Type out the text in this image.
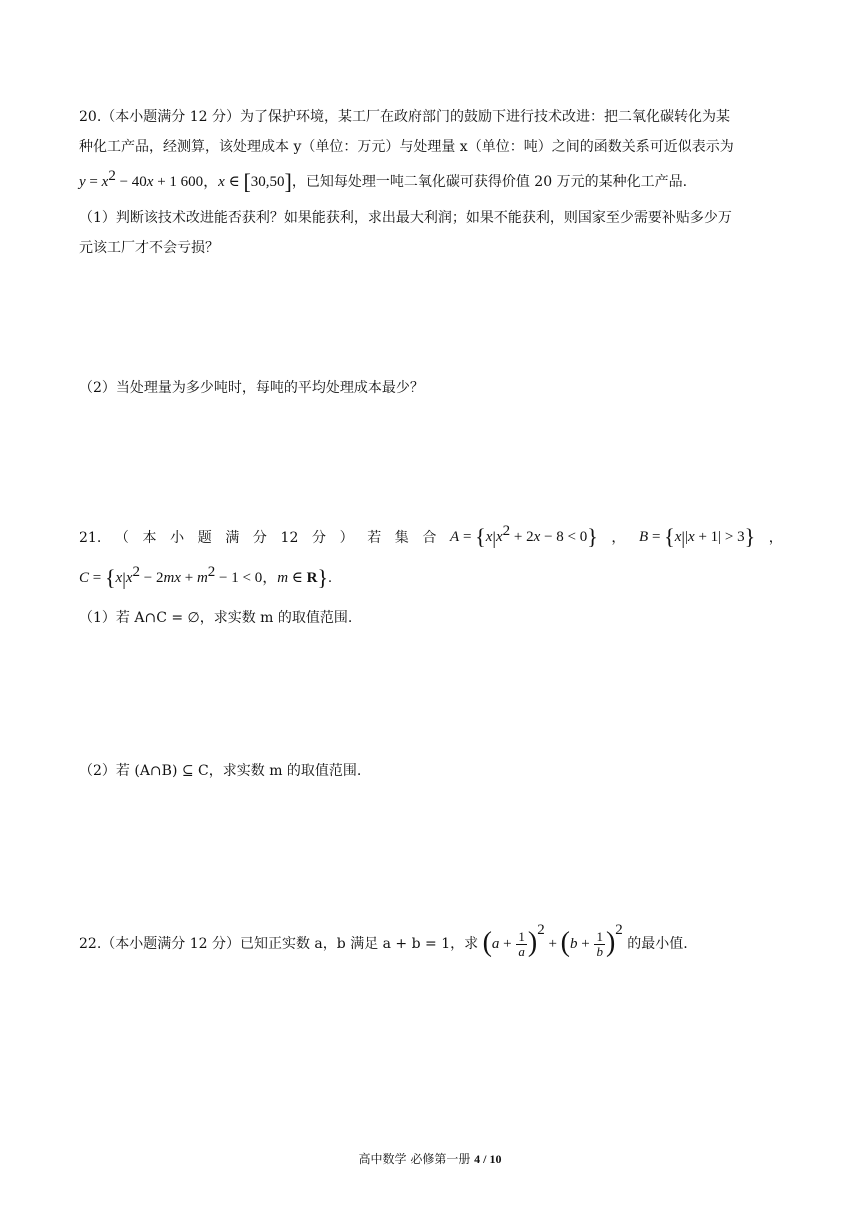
20.（本小题满分 12 分）为了保护环境，某工厂在政府部门的鼓励下进行技术改进：把二氧化碳转化为某
种化工产品，经测算，该处理成本 y（单位：万元）与处理量 x（单位：吨）之间的函数关系可近似表示为
$y = x^2 - 40x + 1$ 600，x ∈ [30,50]，已知每处理一吨二氧化碳可获得价值 20 万元的某种化工产品.
（1）判断该技术改进能否获利？如果能获利，求出最大利润；如果不能获利，则国家至少需要补贴多少万
元该工厂才不会亏损？
（2）当处理量为多少吨时，每吨的平均处理成本最少？
21. （ 本 小 题 满 分 12 分 ） 若 集 合 $A = \{x|x^2 + 2x - 8 < 0\}$ ， B = {x||x + 1| > 3} ，
$C = \{x|x^2 - 2mx + m^2 - 1 < 0$，m ∈ R}.
（1）若 A∩C = ∅，求实数 m 的取值范围.
（2）若 (A∩B) ⊆ C，求实数 m 的取值范围.
22.（本小题满分 12 分）已知正实数 a，b 满足 a + b = 1，求 $(a + \frac{1}{a} )^2 + (b + \frac{1}{b} )^2$ 的最小值.
高中数学 必修第一册 4 / 10
